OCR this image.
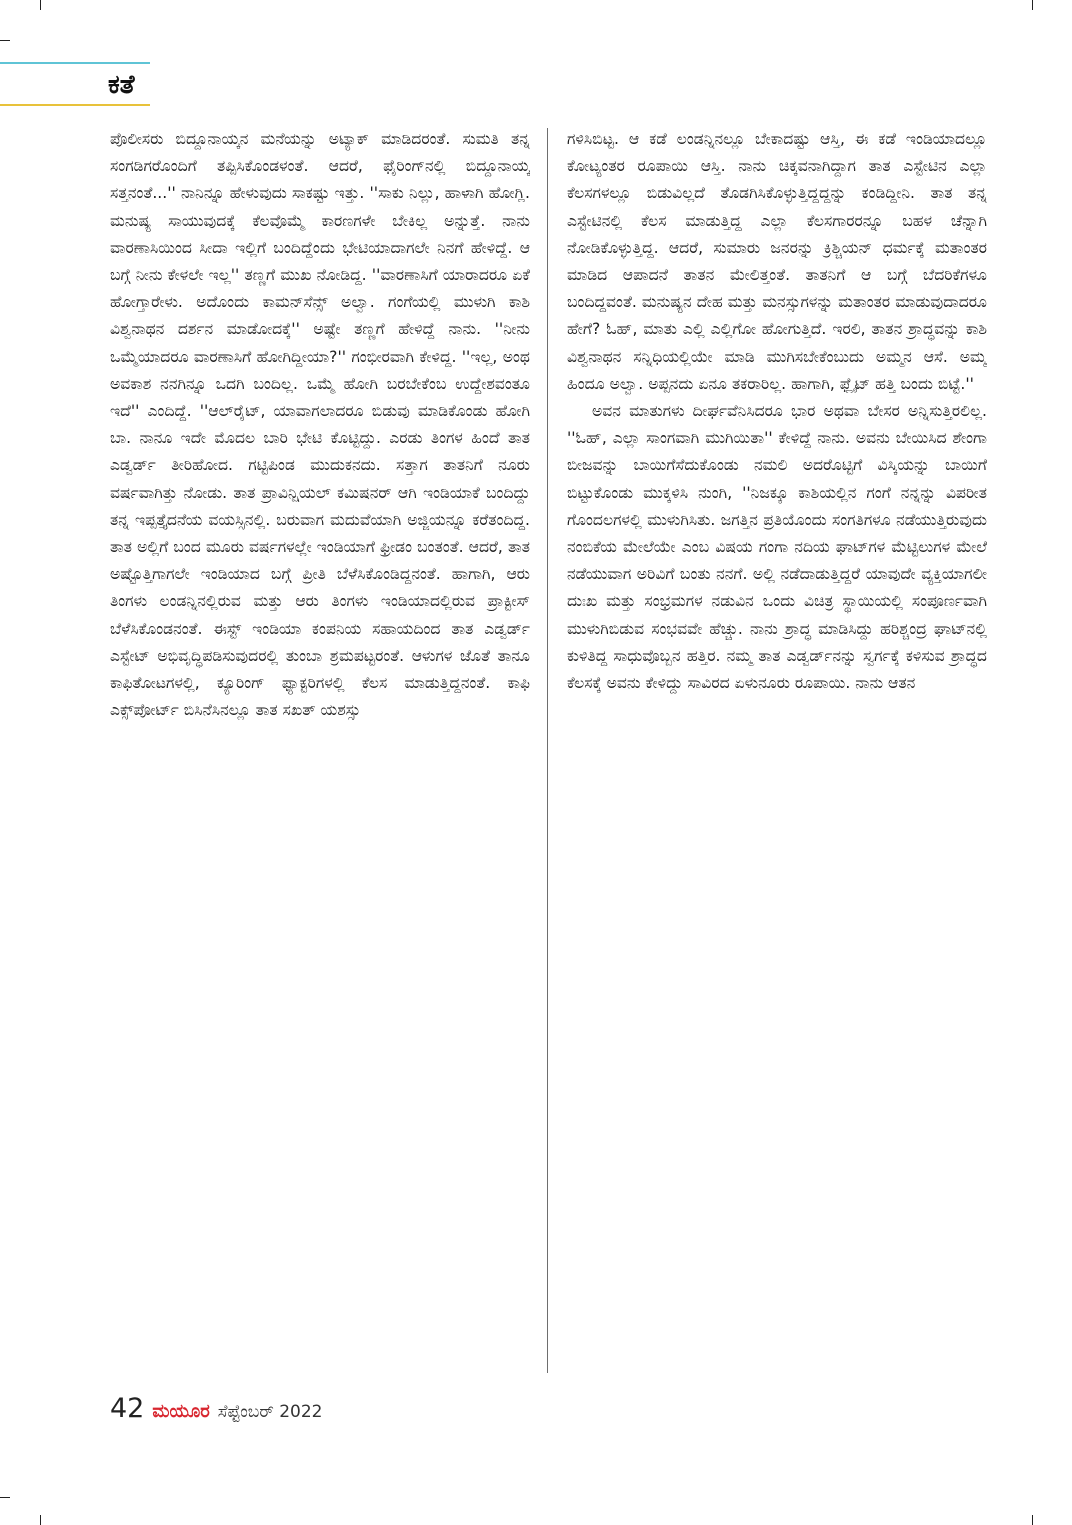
ಕತೆ

ಪೊಲೀಸರು ಬಿದ್ದೂನಾಯ್ಕನ ಮನೆಯನ್ನು ಅಟ್ಯಾಕ್ ಮಾಡಿದರಂತೆ. ಸುಮತಿ ತನ್ನ ಸಂಗಡಿಗರೊಂದಿಗೆ ತಪ್ಪಿಸಿಕೊಂಡಳಂತೆ. ಆದರೆ, ಫೈರಿಂಗ್‌ನಲ್ಲಿ ಬಿದ್ದೂನಾಯ್ಕ ಸತ್ತನಂತೆ...'' ನಾನಿನ್ನೂ ಹೇಳುವುದು ಸಾಕಷ್ಟು ಇತ್ತು. ''ಸಾಕು ನಿಲ್ಲು, ಹಾಳಾಗಿ ಹೋಗ್ಲಿ. ಮನುಷ್ಯ ಸಾಯುವುದಕ್ಕೆ ಕೆಲವೊಮ್ಮೆ ಕಾರಣಗಳೇ ಬೇಕಿಲ್ಲ ಅನ್ನುತ್ತೆ. ನಾನು ವಾರಣಾಸಿಯಿಂದ ಸೀದಾ ಇಲ್ಲಿಗೆ ಬಂದಿದ್ದೆಂದು ಭೇಟಿಯಾದಾಗಲೇ ನಿನಗೆ ಹೇಳಿದ್ದೆ. ಆ ಬಗ್ಗೆ ನೀನು ಕೇಳಲೇ ಇಲ್ಲ'' ತಣ್ಣಗೆ ಮುಖ ನೋಡಿದ್ದ. ''ವಾರಣಾಸಿಗೆ ಯಾರಾದರೂ ಏಕೆ ಹೋಗ್ತಾರೇಳು. ಅದೊಂದು ಕಾಮನ್‌ಸೆನ್ಸ್ ಅಲ್ವಾ. ಗಂಗೆಯಲ್ಲಿ ಮುಳುಗಿ ಕಾಶಿ ವಿಶ್ವನಾಥನ ದರ್ಶನ ಮಾಡೋದಕ್ಕೆ'' ಅಷ್ಟೇ ತಣ್ಣಗೆ ಹೇಳಿದ್ದೆ ನಾನು. ''ನೀನು ಒಮ್ಮೆಯಾದರೂ ವಾರಣಾಸಿಗೆ ಹೋಗಿದ್ದೀಯಾ?'' ಗಂಭೀರವಾಗಿ ಕೇಳಿದ್ದ. ''ಇಲ್ಲ, ಅಂಥ ಅವಕಾಶ ನನಗಿನ್ನೂ ಒದಗಿ ಬಂದಿಲ್ಲ. ಒಮ್ಮೆ ಹೋಗಿ ಬರಬೇಕೆಂಬ ಉದ್ದೇಶವಂತೂ ಇದೆ'' ಎಂದಿದ್ದೆ. ''ಆಲ್‌ರೈಟ್, ಯಾವಾಗಲಾದರೂ ಬಿಡುವು ಮಾಡಿಕೊಂಡು ಹೋಗಿ ಬಾ. ನಾನೂ ಇದೇ ಮೊದಲ ಬಾರಿ ಭೇಟಿ ಕೊಟ್ಟಿದ್ದು. ಎರಡು ತಿಂಗಳ ಹಿಂದೆ ತಾತ ಎಡ್ವರ್ಡ್ ತೀರಿಹೋದ. ಗಟ್ಟಿಪಿಂಡ ಮುದುಕನದು. ಸತ್ತಾಗ ತಾತನಿಗೆ ನೂರು ವರ್ಷವಾಗಿತ್ತು ನೋಡು. ತಾತ ಪ್ರಾವಿನ್ಷಿಯಲ್ ಕಮಿಷನರ್ ಆಗಿ ಇಂಡಿಯಾಕೆ ಬಂದಿದ್ದು ತನ್ನ ಇಪ್ಪತ್ತೈದನೆಯ ವಯಸ್ಸಿನಲ್ಲಿ. ಬರುವಾಗ ಮದುವೆಯಾಗಿ ಅಜ್ಜಿಯನ್ನೂ ಕರೆತಂದಿದ್ದ. ತಾತ ಅಲ್ಲಿಗೆ ಬಂದ ಮೂರು ವರ್ಷಗಳಲ್ಲೇ ಇಂಡಿಯಾಗೆ ಫ್ರೀಡಂ ಬಂತಂತೆ. ಆದರೆ, ತಾತ ಅಷ್ಟೊತ್ತಿಗಾಗಲೇ ಇಂಡಿಯಾದ ಬಗ್ಗೆ ಪ್ರೀತಿ ಬೆಳೆಸಿಕೊಂಡಿದ್ದನಂತೆ. ಹಾಗಾಗಿ, ಆರು ತಿಂಗಳು ಲಂಡನ್ನಿನಲ್ಲಿರುವ ಮತ್ತು ಆರು ತಿಂಗಳು ಇಂಡಿಯಾದಲ್ಲಿರುವ ಪ್ರಾಕ್ಟೀಸ್ ಬೆಳೆಸಿಕೊಂಡನಂತೆ. ಈಸ್ಟ್ ಇಂಡಿಯಾ ಕಂಪನಿಯ ಸಹಾಯದಿಂದ ತಾತ ಎಡ್ವರ್ಡ್ ಎಸ್ಟೇಟ್ ಅಭಿವೃದ್ಧಿಪಡಿಸುವುದರಲ್ಲಿ ತುಂಬಾ ಶ್ರಮಪಟ್ಟರಂತೆ. ಆಳುಗಳ ಜೊತೆ ತಾನೂ ಕಾಫಿತೋಟಗಳಲ್ಲಿ, ಕ್ಯೂರಿಂಗ್ ಫ್ಯಾಕ್ಟರಿಗಳಲ್ಲಿ ಕೆಲಸ ಮಾಡುತ್ತಿದ್ದನಂತೆ. ಕಾಫಿ ಎಕ್ಸ್‌ಪೋರ್ಟ್ ಬಿಸಿನೆಸಿನಲ್ಲೂ ತಾತ ಸಖತ್ ಯಶಸ್ಸು

ಗಳಿಸಿಬಿಟ್ಟ. ಆ ಕಡೆ ಲಂಡನ್ನಿನಲ್ಲೂ ಬೇಕಾದಷ್ಟು ಆಸ್ತಿ, ಈ ಕಡೆ ಇಂಡಿಯಾದಲ್ಲೂ ಕೋಟ್ಯಂತರ ರೂಪಾಯಿ ಆಸ್ತಿ. ನಾನು ಚಿಕ್ಕವನಾಗಿದ್ದಾಗ ತಾತ ಎಸ್ಟೇಟಿನ ಎಲ್ಲಾ ಕೆಲಸಗಳಲ್ಲೂ ಬಿಡುವಿಲ್ಲದೆ ತೊಡಗಿಸಿಕೊಳ್ಳುತ್ತಿದ್ದದ್ದನ್ನು ಕಂಡಿದ್ದೀನಿ. ತಾತ ತನ್ನ ಎಸ್ಟೇಟಿನಲ್ಲಿ ಕೆಲಸ ಮಾಡುತ್ತಿದ್ದ ಎಲ್ಲಾ ಕೆಲಸಗಾರರನ್ನೂ ಬಹಳ ಚೆನ್ನಾಗಿ ನೋಡಿಕೊಳ್ಳುತ್ತಿದ್ದ. ಆದರೆ, ಸುಮಾರು ಜನರನ್ನು ಕ್ರಿಶ್ಚಿಯನ್ ಧರ್ಮಕ್ಕೆ ಮತಾಂತರ ಮಾಡಿದ ಆಪಾದನೆ ತಾತನ ಮೇಲಿತ್ತಂತೆ. ತಾತನಿಗೆ ಆ ಬಗ್ಗೆ ಬೆದರಿಕೆಗಳೂ ಬಂದಿದ್ದವಂತೆ. ಮನುಷ್ಯನ ದೇಹ ಮತ್ತು ಮನಸ್ಸುಗಳನ್ನು ಮತಾಂತರ ಮಾಡುವುದಾದರೂ ಹೇಗೆ? ಓಹ್, ಮಾತು ಎಲ್ಲಿ ಎಲ್ಲಿಗೋ ಹೋಗುತ್ತಿದೆ. ಇರಲಿ, ತಾತನ ಶ್ರಾದ್ಧವನ್ನು ಕಾಶಿ ವಿಶ್ವನಾಥನ ಸನ್ನಿಧಿಯಲ್ಲಿಯೇ ಮಾಡಿ ಮುಗಿಸಬೇಕೆಂಬುದು ಅಮ್ಮನ ಆಸೆ. ಅಮ್ಮ ಹಿಂದೂ ಅಲ್ವಾ. ಅಪ್ಪನದು ಏನೂ ತಕರಾರಿಲ್ಲ. ಹಾಗಾಗಿ, ಫ್ಲೈಟ್ ಹತ್ತಿ ಬಂದು ಬಿಟ್ಟೆ.''

ಅವನ ಮಾತುಗಳು ದೀರ್ಘವೆನಿಸಿದರೂ ಭಾರ ಅಥವಾ ಬೇಸರ ಅನ್ನಿಸುತ್ತಿರಲಿಲ್ಲ. ''ಓಹ್, ಎಲ್ಲಾ ಸಾಂಗವಾಗಿ ಮುಗಿಯಿತಾ'' ಕೇಳಿದ್ದೆ ನಾನು. ಅವನು ಬೇಯಿಸಿದ ಶೇಂಗಾ ಬೀಜವನ್ನು ಬಾಯಿಗೆಸೆದುಕೊಂಡು ನಮಲಿ ಅದರೊಟ್ಟಿಗೆ ವಿಸ್ಕಿಯನ್ನು ಬಾಯಿಗೆ ಬಿಟ್ಟುಕೊಂಡು ಮುಕ್ಕಳಿಸಿ ನುಂಗಿ, ''ನಿಜಕ್ಕೂ ಕಾಶಿಯಲ್ಲಿನ ಗಂಗೆ ನನ್ನನ್ನು ವಿಪರೀತ ಗೊಂದಲಗಳಲ್ಲಿ ಮುಳುಗಿಸಿತು. ಜಗತ್ತಿನ ಪ್ರತಿಯೊಂದು ಸಂಗತಿಗಳೂ ನಡೆಯುತ್ತಿರುವುದು ನಂಬಿಕೆಯ ಮೇಲೆಯೇ ಎಂಬ ವಿಷಯ ಗಂಗಾ ನದಿಯ ಘಾಟ್‌ಗಳ ಮೆಟ್ಟಿಲುಗಳ ಮೇಲೆ ನಡೆಯುವಾಗ ಅರಿವಿಗೆ ಬಂತು ನನಗೆ. ಅಲ್ಲಿ ನಡೆದಾಡುತ್ತಿದ್ದರೆ ಯಾವುದೇ ವ್ಯಕ್ತಿಯಾಗಲೀ ದುಃಖ ಮತ್ತು ಸಂಭ್ರಮಗಳ ನಡುವಿನ ಒಂದು ವಿಚಿತ್ರ ಸ್ಥಾಯಿಯಲ್ಲಿ ಸಂಪೂರ್ಣವಾಗಿ ಮುಳುಗಿಬಿಡುವ ಸಂಭವವೇ ಹೆಚ್ಚು. ನಾನು ಶ್ರಾದ್ಧ ಮಾಡಿಸಿದ್ದು ಹರಿಶ್ಚಂದ್ರ ಘಾಟ್‌ನಲ್ಲಿ ಕುಳಿತಿದ್ದ ಸಾಧುವೊಬ್ಬನ ಹತ್ತಿರ. ನಮ್ಮ ತಾತ ಎಡ್ವರ್ಡ್‌ನನ್ನು ಸ್ವರ್ಗಕ್ಕೆ ಕಳಿಸುವ ಶ್ರಾದ್ಧದ ಕೆಲಸಕ್ಕೆ ಅವನು ಕೇಳಿದ್ದು ಸಾವಿರದ ಏಳುನೂರು ರೂಪಾಯಿ. ನಾನು ಆತನ

42 ಮಯೂರ ಸೆಪ್ಟೆಂಬರ್ 2022
